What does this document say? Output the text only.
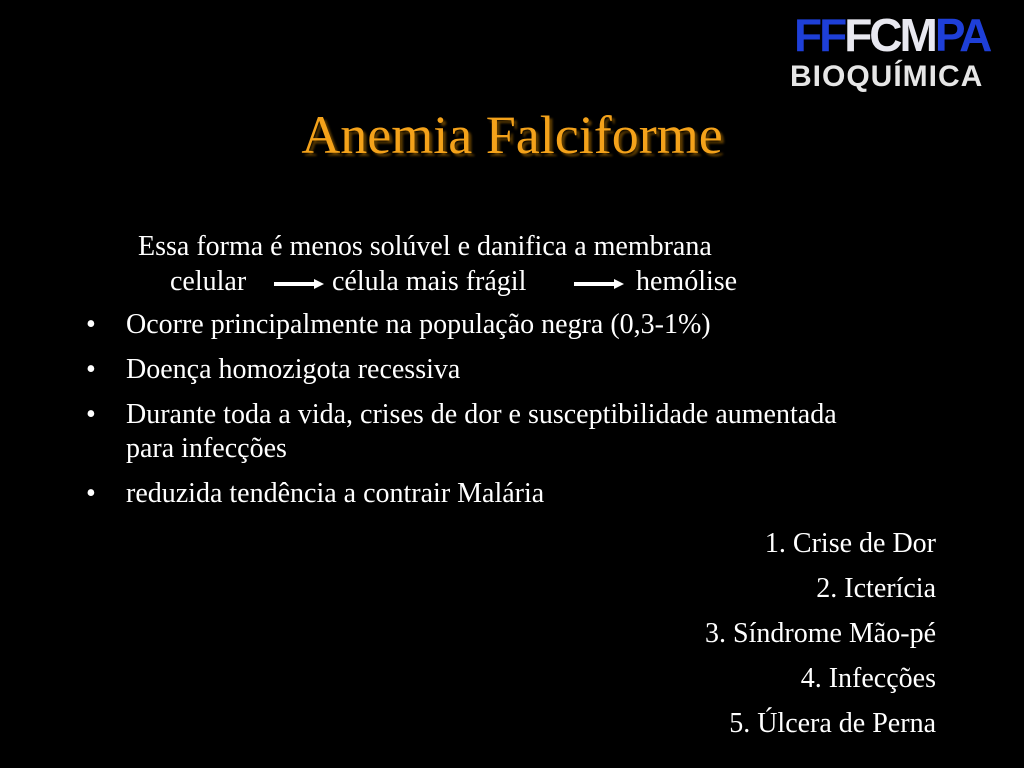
FFFCMPA
BIOQUÍMICA
Anemia Falciforme
Essa forma é menos solúvel e danifica a membrana
celular	célula mais frágil	hemólise
• Ocorre principalmente na população negra (0,3-1%)
• Doença homozigota recessiva
• Durante toda a vida, crises de dor e susceptibilidade aumentada para infecções
• reduzida tendência a contrair Malária
1. Crise de Dor
2. Icterícia
3. Síndrome Mão-pé
4. Infecções
5. Úlcera de Perna
